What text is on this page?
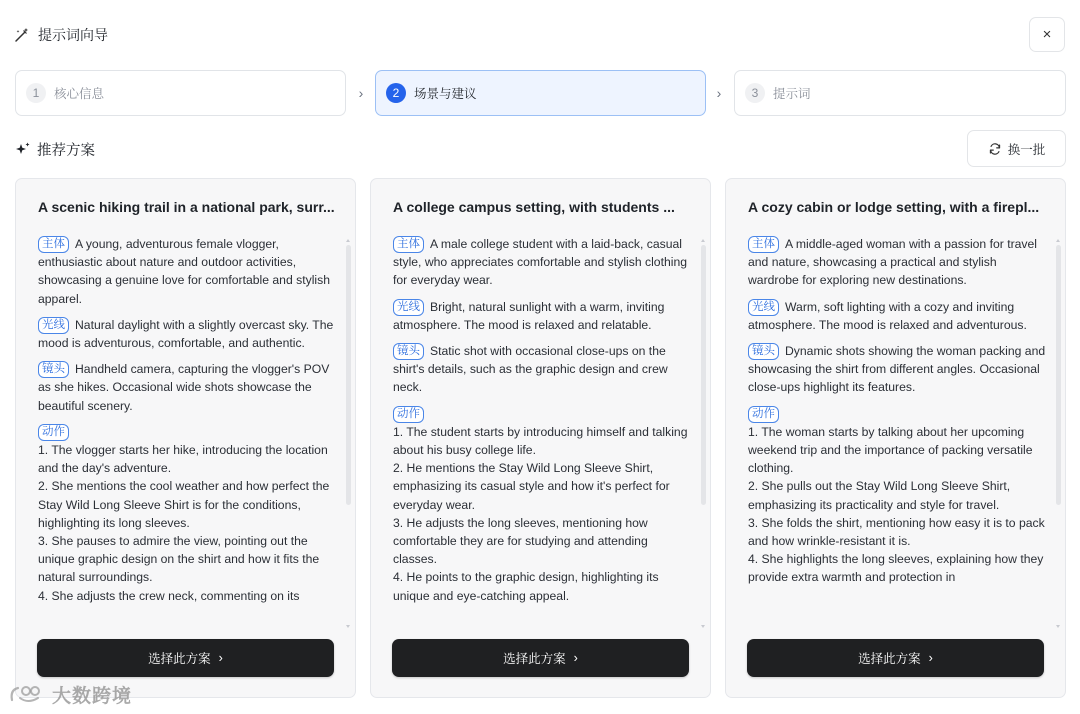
提示词向导	×
1	核心信息	›	2	场景与建议	›	3	提示词
推荐方案	换一批
A scenic hiking trail in a national park, surr...
主体 A young, adventurous female vlogger, enthusiastic about nature and outdoor activities, showcasing a genuine love for comfortable and stylish apparel.
光线 Natural daylight with a slightly overcast sky. The mood is adventurous, comfortable, and authentic.
镜头 Handheld camera, capturing the vlogger's POV as she hikes. Occasional wide shots showcase the beautiful scenery.
动作
1. The vlogger starts her hike, introducing the location and the day's adventure.
2. She mentions the cool weather and how perfect the Stay Wild Long Sleeve Shirt is for the conditions, highlighting its long sleeves.
3. She pauses to admire the view, pointing out the unique graphic design on the shirt and how it fits the natural surroundings.
4. She adjusts the crew neck, commenting on its
选择此方案 ›
A college campus setting, with students ...
主体 A male college student with a laid-back, casual style, who appreciates comfortable and stylish clothing for everyday wear.
光线 Bright, natural sunlight with a warm, inviting atmosphere. The mood is relaxed and relatable.
镜头 Static shot with occasional close-ups on the shirt's details, such as the graphic design and crew neck.
动作
1. The student starts by introducing himself and talking about his busy college life.
2. He mentions the Stay Wild Long Sleeve Shirt, emphasizing its casual style and how it's perfect for everyday wear.
3. He adjusts the long sleeves, mentioning how comfortable they are for studying and attending classes.
4. He points to the graphic design, highlighting its unique and eye-catching appeal.
选择此方案 ›
A cozy cabin or lodge setting, with a firepl...
主体 A middle-aged woman with a passion for travel and nature, showcasing a practical and stylish wardrobe for exploring new destinations.
光线 Warm, soft lighting with a cozy and inviting atmosphere. The mood is relaxed and adventurous.
镜头 Dynamic shots showing the woman packing and showcasing the shirt from different angles. Occasional close-ups highlight its features.
动作
1. The woman starts by talking about her upcoming weekend trip and the importance of packing versatile clothing.
2. She pulls out the Stay Wild Long Sleeve Shirt, emphasizing its practicality and style for travel.
3. She folds the shirt, mentioning how easy it is to pack and how wrinkle-resistant it is.
4. She highlights the long sleeves, explaining how they provide extra warmth and protection in
选择此方案 ›
大数跨境
